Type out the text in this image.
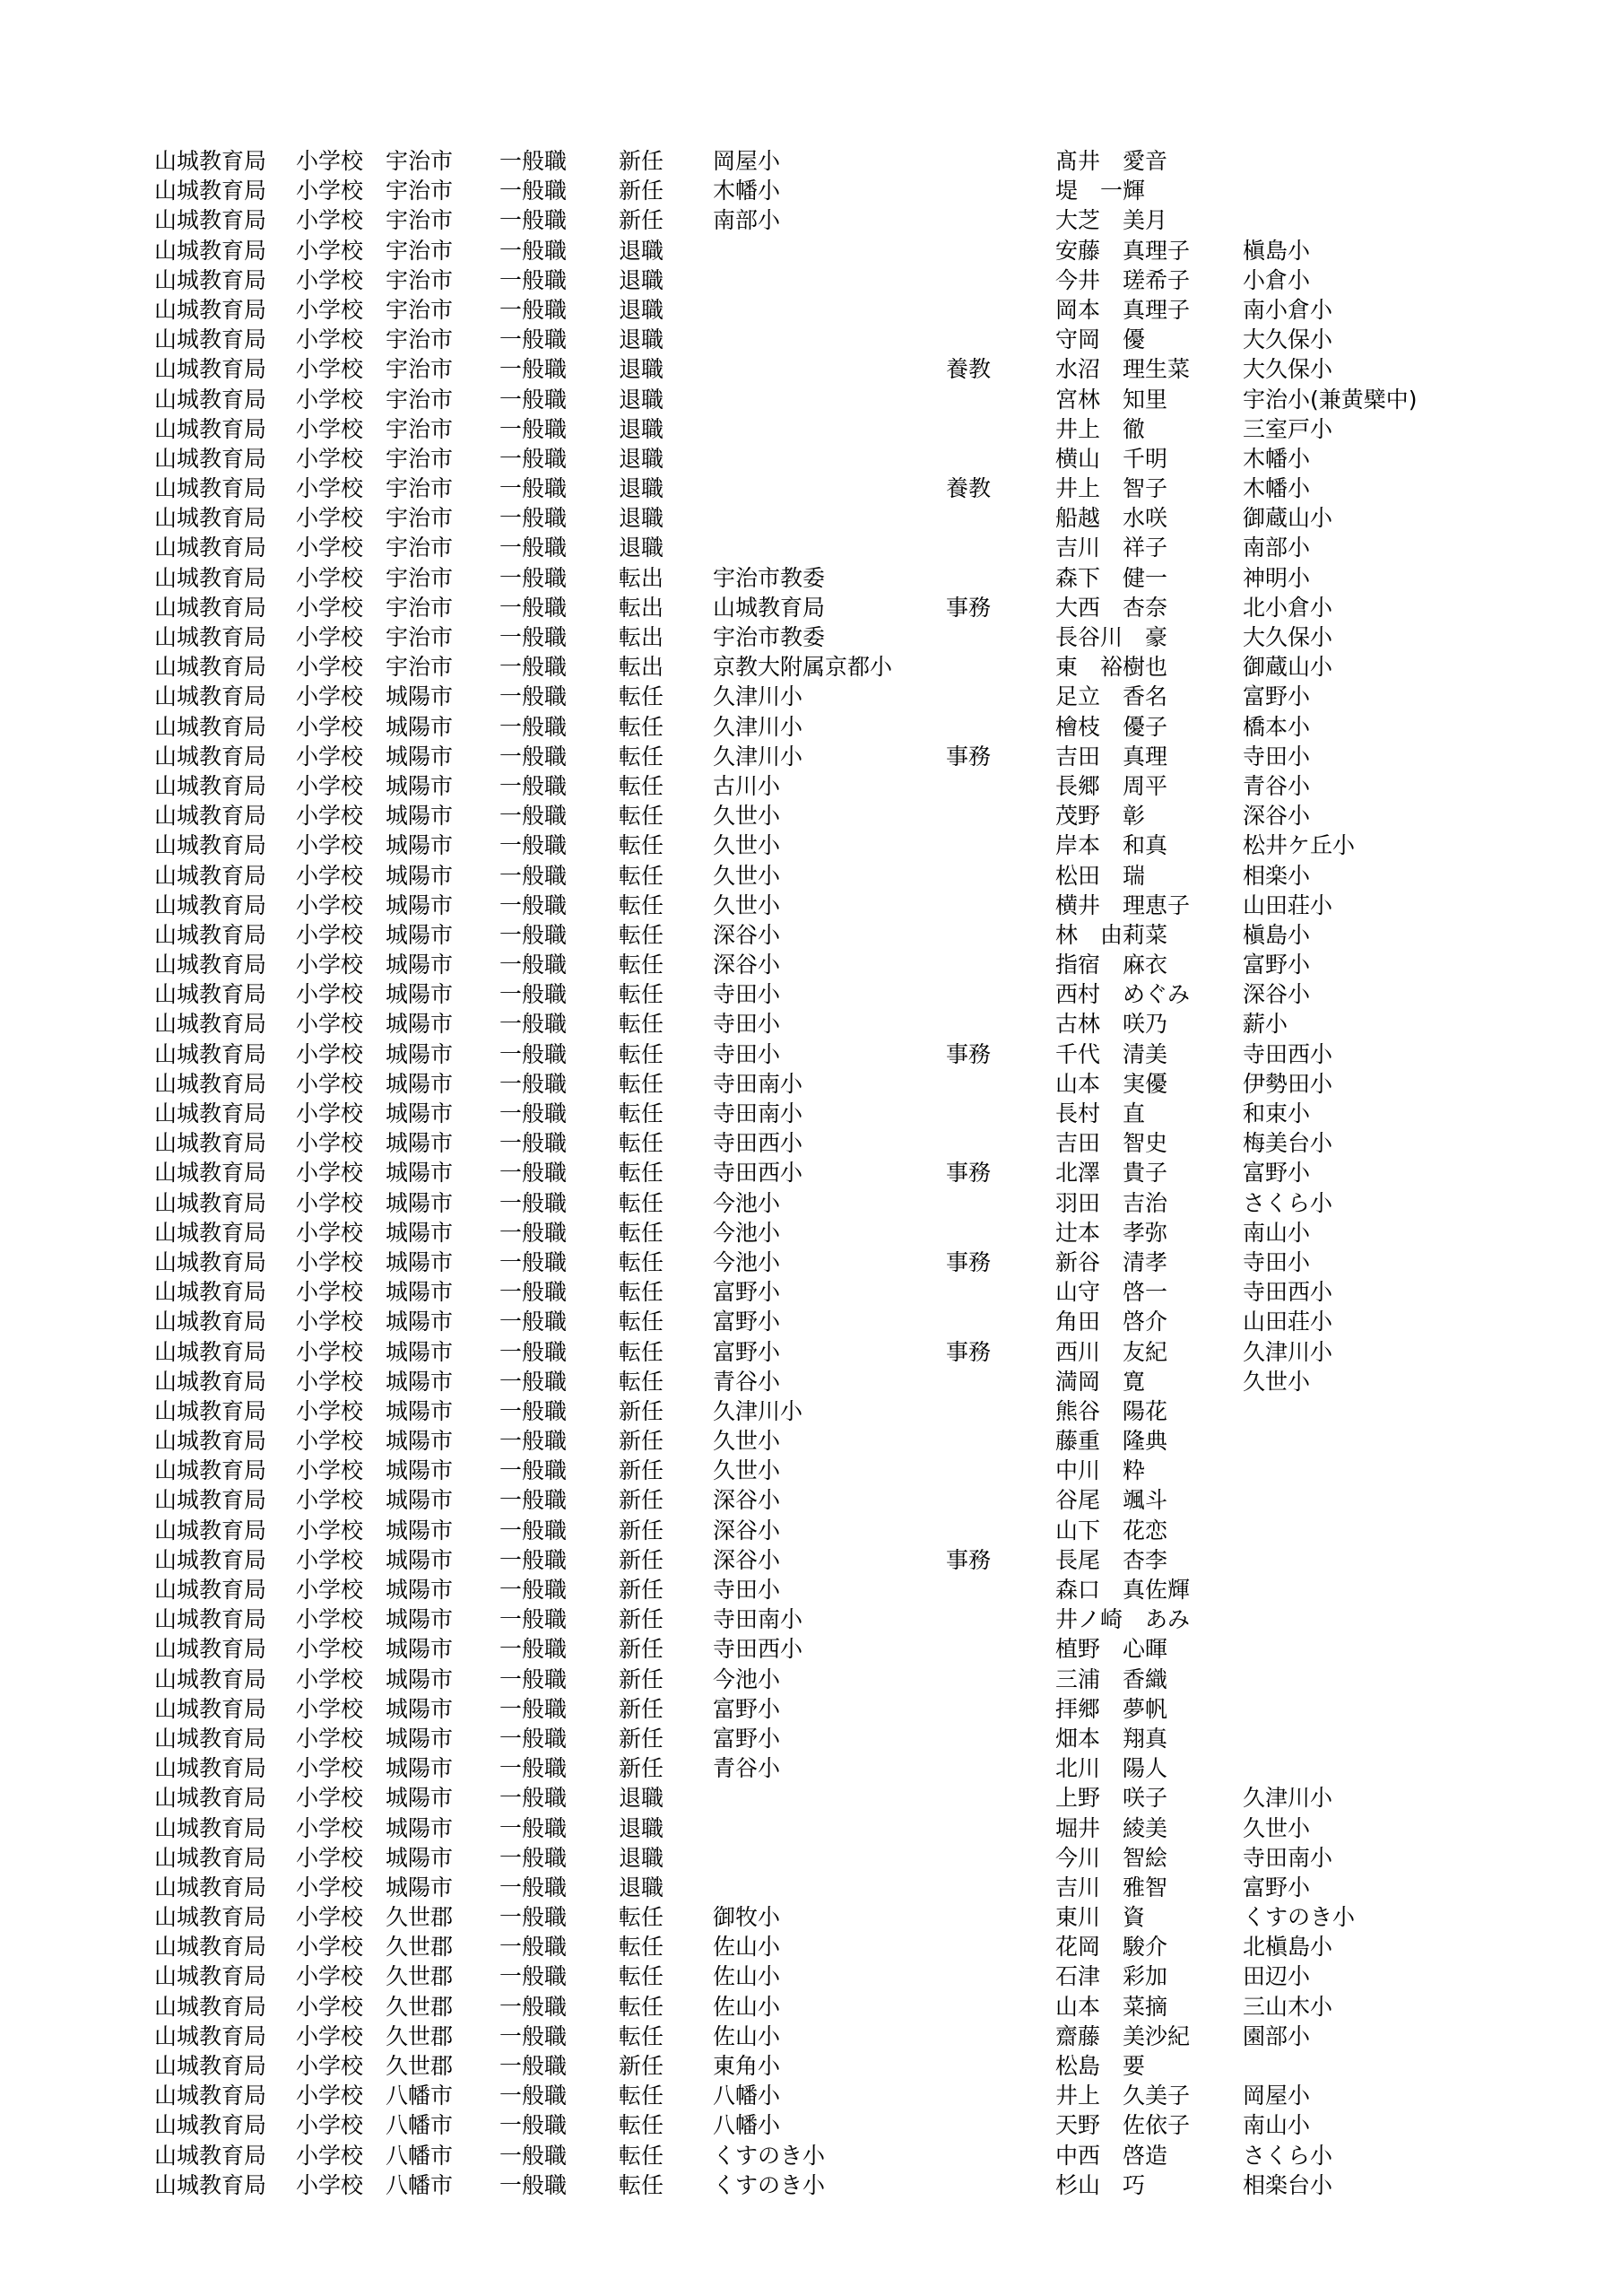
山城教育局 小学校 宇治市 一般職 新任 岡屋小	髙井　愛音
山城教育局 小学校 宇治市 一般職 新任 木幡小	堤　一輝
山城教育局 小学校 宇治市 一般職 新任 南部小	大芝　美月
山城教育局 小学校 宇治市 一般職 退職	安藤　真理子 槇島小
山城教育局 小学校 宇治市 一般職 退職	今井　瑳希子 小倉小
山城教育局 小学校 宇治市 一般職 退職	岡本　真理子 南小倉小
山城教育局 小学校 宇治市 一般職 退職	守岡　優	大久保小
山城教育局 小学校 宇治市 一般職 退職	養教	水沼　理生菜 大久保小
山城教育局 小学校 宇治市 一般職 退職	宮林　知里	宇治小(兼黄檗中)
山城教育局 小学校 宇治市 一般職 退職	井上　徹	三室戸小
山城教育局 小学校 宇治市 一般職 退職	横山　千明	木幡小
山城教育局 小学校 宇治市 一般職 退職	養教	井上　智子	木幡小
山城教育局 小学校 宇治市 一般職 退職	船越　水咲	御蔵山小
山城教育局 小学校 宇治市 一般職 退職	吉川　祥子	南部小
山城教育局 小学校 宇治市 一般職 転出 宇治市教委	森下　健一	神明小
山城教育局 小学校 宇治市 一般職 転出 山城教育局	事務	大西　杏奈	北小倉小
山城教育局 小学校 宇治市 一般職 転出 宇治市教委	長谷川　豪	大久保小
山城教育局 小学校 宇治市 一般職 転出 京教大附属京都小	東　裕樹也	御蔵山小
山城教育局 小学校 城陽市 一般職 転任 久津川小	足立　香名	富野小
山城教育局 小学校 城陽市 一般職 転任 久津川小	檜枝　優子	橋本小
山城教育局 小学校 城陽市 一般職 転任 久津川小	事務	吉田　真理	寺田小
山城教育局 小学校 城陽市 一般職 転任 古川小	長郷　周平	青谷小
山城教育局 小学校 城陽市 一般職 転任 久世小	茂野　彰	深谷小
山城教育局 小学校 城陽市 一般職 転任 久世小	岸本　和真	松井ケ丘小
山城教育局 小学校 城陽市 一般職 転任 久世小	松田　瑞	相楽小
山城教育局 小学校 城陽市 一般職 転任 久世小	横井　理恵子 山田荘小
山城教育局 小学校 城陽市 一般職 転任 深谷小	林　由莉菜	槇島小
山城教育局 小学校 城陽市 一般職 転任 深谷小	指宿　麻衣	富野小
山城教育局 小学校 城陽市 一般職 転任 寺田小	西村　めぐみ 深谷小
山城教育局 小学校 城陽市 一般職 転任 寺田小	古林　咲乃	薪小
山城教育局 小学校 城陽市 一般職 転任 寺田小	事務	千代　清美	寺田西小
山城教育局 小学校 城陽市 一般職 転任 寺田南小	山本　実優	伊勢田小
山城教育局 小学校 城陽市 一般職 転任 寺田南小	長村　直	和束小
山城教育局 小学校 城陽市 一般職 転任 寺田西小	吉田　智史	梅美台小
山城教育局 小学校 城陽市 一般職 転任 寺田西小	事務	北澤　貴子	富野小
山城教育局 小学校 城陽市 一般職 転任 今池小	羽田　吉治	さくら小
山城教育局 小学校 城陽市 一般職 転任 今池小	辻本　孝弥	南山小
山城教育局 小学校 城陽市 一般職 転任 今池小	事務	新谷　清孝	寺田小
山城教育局 小学校 城陽市 一般職 転任 富野小	山守　啓一	寺田西小
山城教育局 小学校 城陽市 一般職 転任 富野小	角田　啓介	山田荘小
山城教育局 小学校 城陽市 一般職 転任 富野小	事務	西川　友紀	久津川小
山城教育局 小学校 城陽市 一般職 転任 青谷小	満岡　寛	久世小
山城教育局 小学校 城陽市 一般職 新任 久津川小	熊谷　陽花
山城教育局 小学校 城陽市 一般職 新任 久世小	藤重　隆典
山城教育局 小学校 城陽市 一般職 新任 久世小	中川　粋
山城教育局 小学校 城陽市 一般職 新任 深谷小	谷尾　颯斗
山城教育局 小学校 城陽市 一般職 新任 深谷小	山下　花恋
山城教育局 小学校 城陽市 一般職 新任 深谷小	事務	長尾　杏李
山城教育局 小学校 城陽市 一般職 新任 寺田小	森口　真佐輝
山城教育局 小学校 城陽市 一般職 新任 寺田南小	井ノ崎　あみ
山城教育局 小学校 城陽市 一般職 新任 寺田西小	植野　心暉
山城教育局 小学校 城陽市 一般職 新任 今池小	三浦　香織
山城教育局 小学校 城陽市 一般職 新任 富野小	拝郷　夢帆
山城教育局 小学校 城陽市 一般職 新任 富野小	畑本　翔真
山城教育局 小学校 城陽市 一般職 新任 青谷小	北川　陽人
山城教育局 小学校 城陽市 一般職 退職	上野　咲子	久津川小
山城教育局 小学校 城陽市 一般職 退職	堀井　綾美	久世小
山城教育局 小学校 城陽市 一般職 退職	今川　智絵	寺田南小
山城教育局 小学校 城陽市 一般職 退職	吉川　雅智	富野小
山城教育局 小学校 久世郡 一般職 転任 御牧小	東川　資	くすのき小
山城教育局 小学校 久世郡 一般職 転任 佐山小	花岡　駿介	北槇島小
山城教育局 小学校 久世郡 一般職 転任 佐山小	石津　彩加	田辺小
山城教育局 小学校 久世郡 一般職 転任 佐山小	山本　菜摘	三山木小
山城教育局 小学校 久世郡 一般職 転任 佐山小	齋藤　美沙紀 園部小
山城教育局 小学校 久世郡 一般職 新任 東角小	松島　要
山城教育局 小学校 八幡市 一般職 転任 八幡小	井上　久美子 岡屋小
山城教育局 小学校 八幡市 一般職 転任 八幡小	天野　佐依子 南山小
山城教育局 小学校 八幡市 一般職 転任 くすのき小	中西　啓造	さくら小
山城教育局 小学校 八幡市 一般職 転任 くすのき小	杉山　巧	相楽台小
